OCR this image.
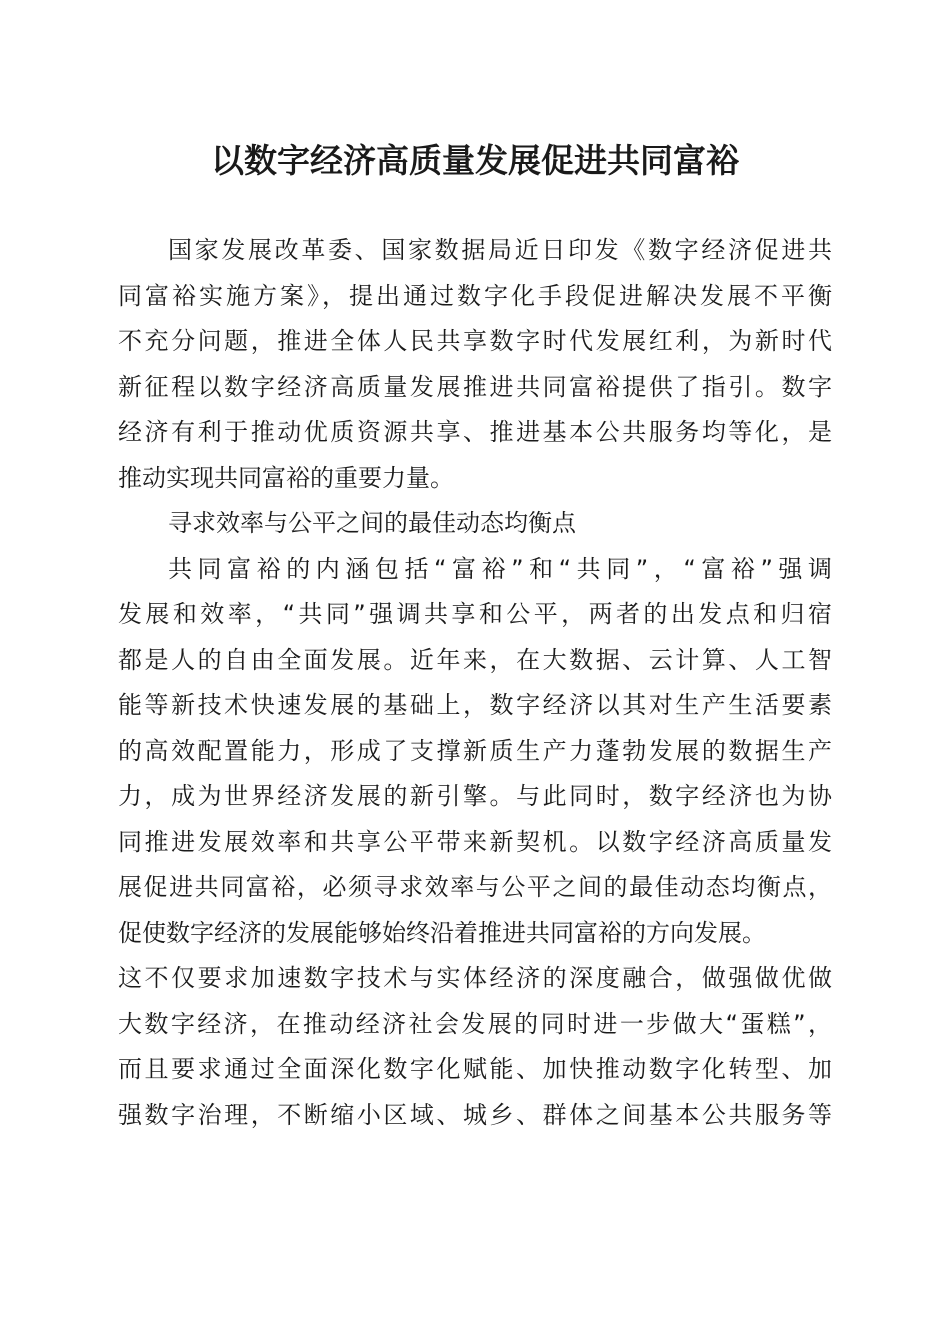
以数字经济高质量发展促进共同富裕
国家发展改革委、国家数据局近日印发《数字经济促进共
同富裕实施方案》，提出通过数字化手段促进解决发展不平衡
不充分问题，推进全体人民共享数字时代发展红利，为新时代
新征程以数字经济高质量发展推进共同富裕提供了指引。数字
经济有利于推动优质资源共享、推进基本公共服务均等化，是
推动实现共同富裕的重要力量。
寻求效率与公平之间的最佳动态均衡点
共同富裕的内涵包括“富裕”和“共同”，“富裕”强调
发展和效率，“共同”强调共享和公平，两者的出发点和归宿
都是人的自由全面发展。近年来，在大数据、云计算、人工智
能等新技术快速发展的基础上，数字经济以其对生产生活要素
的高效配置能力，形成了支撑新质生产力蓬勃发展的数据生产
力，成为世界经济发展的新引擎。与此同时，数字经济也为协
同推进发展效率和共享公平带来新契机。以数字经济高质量发
展促进共同富裕，必须寻求效率与公平之间的最佳动态均衡点，
促使数字经济的发展能够始终沿着推进共同富裕的方向发展。
这不仅要求加速数字技术与实体经济的深度融合，做强做优做
大数字经济，在推动经济社会发展的同时进一步做大“蛋糕”，
而且要求通过全面深化数字化赋能、加快推动数字化转型、加
强数字治理，不断缩小区域、城乡、群体之间基本公共服务等
